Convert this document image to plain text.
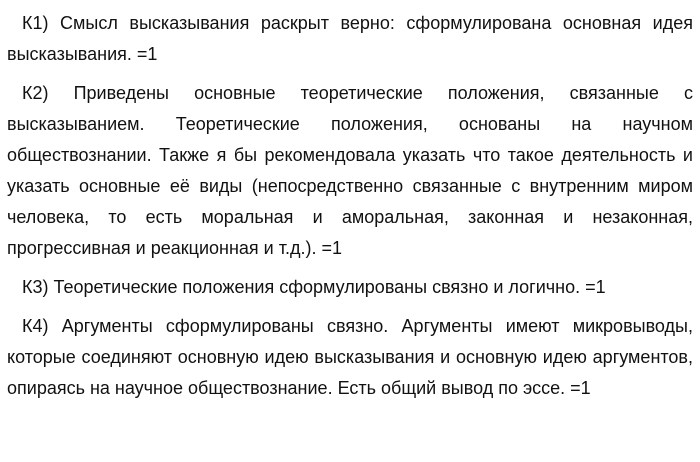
К1) Смысл высказывания раскрыт верно: сформулирована основная идея высказывания. =1

К2) Приведены основные теоретические положения, связанные с высказыванием. Теоретические положения, основаны на научном обществознании. Также я бы рекомендовала указать что такое деятельность и указать основные её виды (непосредственно связанные с внутренним миром человека, то есть моральная и аморальная, законная и незаконная, прогрессивная и реакционная и т.д.). =1

К3) Теоретические положения сформулированы связно и логично. =1

К4) Аргументы сформулированы связно. Аргументы имеют микровыводы, которые соединяют основную идею высказывания и основную идею аргументов, опираясь на научное обществознание. Есть общий вывод по эссе. =1
